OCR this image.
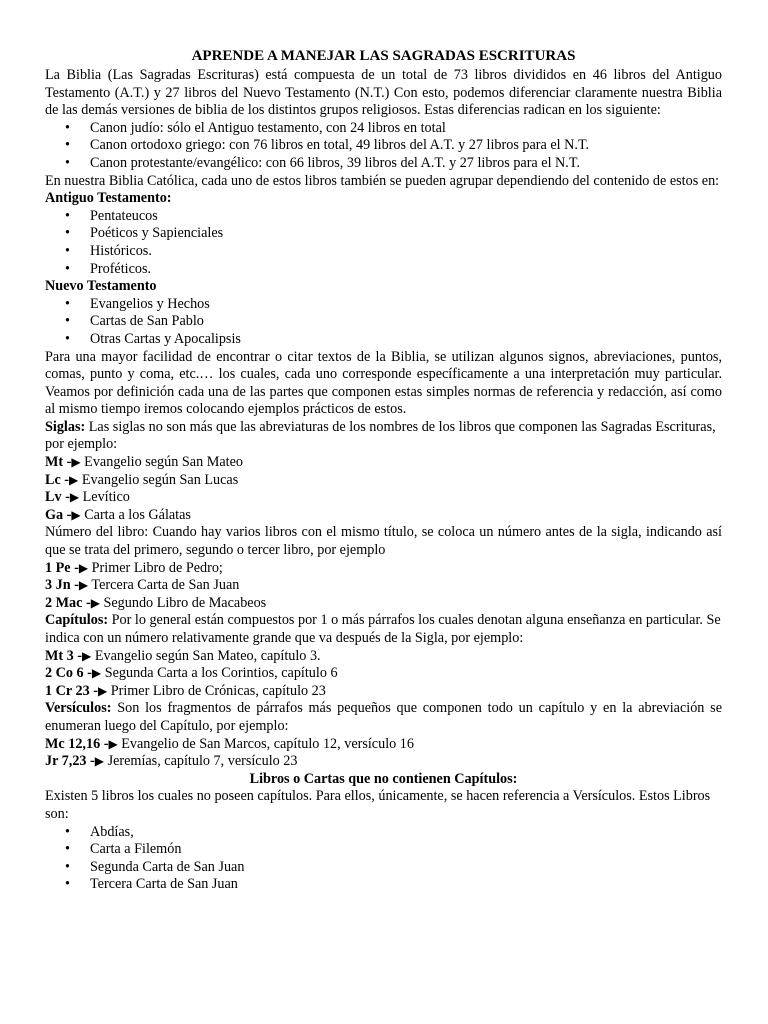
APRENDE A MANEJAR LAS SAGRADAS ESCRITURAS

La Biblia (Las Sagradas Escrituras) está compuesta de un total de 73 libros divididos en 46 libros del Antiguo Testamento (A.T.) y 27 libros del Nuevo Testamento (N.T.) Con esto, podemos diferenciar claramente nuestra Biblia de las demás versiones de biblia de los distintos grupos religiosos. Estas diferencias radican en los siguiente:

• Canon judío: sólo el Antiguo testamento, con 24 libros en total
• Canon ortodoxo griego: con 76 libros en total, 49 libros del A.T. y 27 libros para el N.T.
• Canon protestante/evangélico: con 66 libros, 39 libros del A.T. y 27 libros para el N.T.

En nuestra Biblia Católica, cada uno de estos libros también se pueden agrupar dependiendo del contenido de estos en:

Antiguo Testamento:

• Pentateucos
• Poéticos y Sapienciales
• Históricos.
• Proféticos.

Nuevo Testamento

• Evangelios y Hechos
• Cartas de San Pablo
• Otras Cartas y Apocalipsis

Para una mayor facilidad de encontrar o citar textos de la Biblia, se utilizan algunos signos, abreviaciones, puntos, comas, punto y coma, etc.… los cuales, cada uno corresponde específicamente a una interpretación muy particular. Veamos por definición cada una de las partes que componen estas simples normas de referencia y redacción, así como al mismo tiempo iremos colocando ejemplos prácticos de estos.

Siglas: Las siglas no son más que las abreviaturas de los nombres de los libros que componen las Sagradas Escrituras, por ejemplo:

Mt -▶ Evangelio según San Mateo

Lc -▶ Evangelio según San Lucas

Lv -▶ Levítico

Ga -▶ Carta a los Gálatas

Número del libro: Cuando hay varios libros con el mismo título, se coloca un número antes de la sigla, indicando así que se trata del primero, segundo o tercer libro, por ejemplo

1 Pe -▶ Primer Libro de Pedro;

3 Jn -▶ Tercera Carta de San Juan

2 Mac -▶ Segundo Libro de Macabeos

Capítulos: Por lo general están compuestos por 1 o más párrafos los cuales denotan alguna enseñanza en particular. Se indica con un número relativamente grande que va después de la Sigla, por ejemplo:

Mt 3 -▶ Evangelio según San Mateo, capítulo 3.

2 Co 6 -▶ Segunda Carta a los Corintios, capítulo 6

1 Cr 23 -▶ Primer Libro de Crónicas, capítulo 23

Versículos: Son los fragmentos de párrafos más pequeños que componen todo un capítulo y en la abreviación se enumeran luego del Capítulo, por ejemplo:

Mc 12,16 -▶ Evangelio de San Marcos, capítulo 12, versículo 16

Jr 7,23 -▶ Jeremías, capítulo 7, versículo 23

Libros o Cartas que no contienen Capítulos:

Existen 5 libros los cuales no poseen capítulos. Para ellos, únicamente, se hacen referencia a Versículos. Estos Libros son:

• Abdías,
• Carta a Filemón
• Segunda Carta de San Juan
• Tercera Carta de San Juan
